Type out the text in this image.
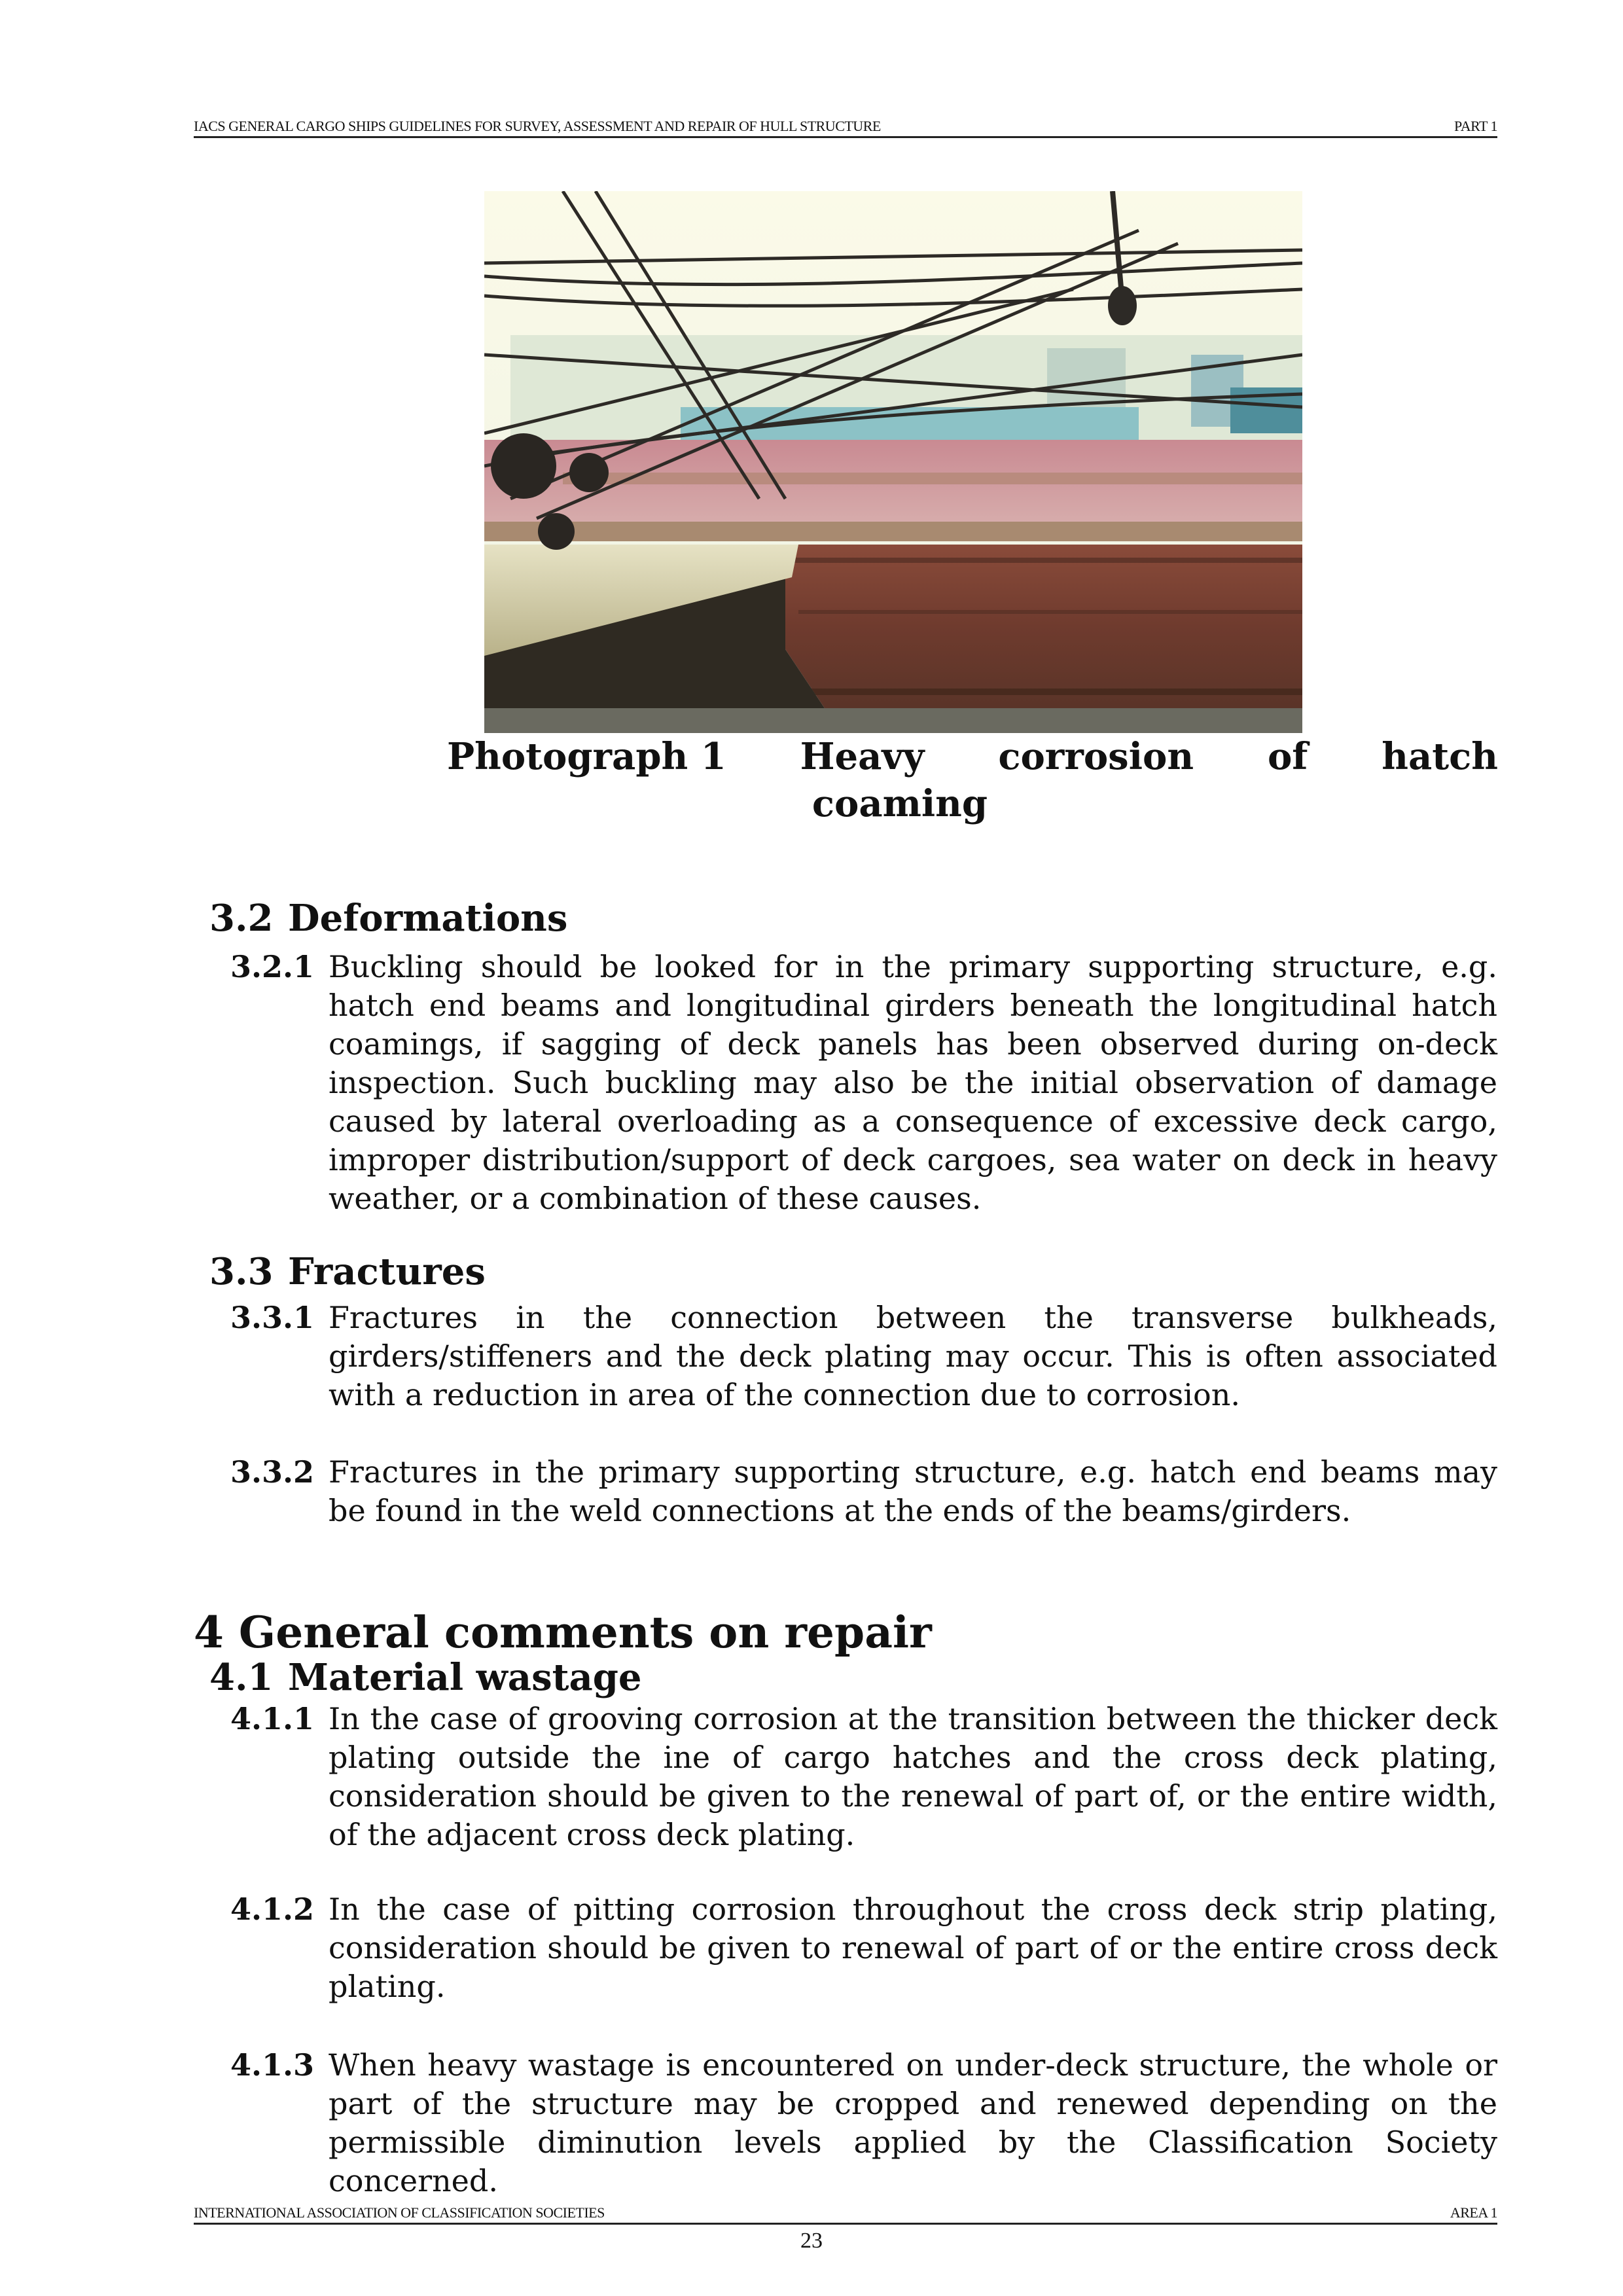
IACS GENERAL CARGO SHIPS GUIDELINES FOR SURVEY, ASSESSMENT AND REPAIR OF HULL STRUCTURE	PART 1
Photograph 1 Heavy corrosion of hatch
coaming
3.2 Deformations
3.2.1 Buckling should be looked for in the primary supporting structure, e.g. hatch end beams and longitudinal girders beneath the longitudinal hatch coamings, if sagging of deck panels has been observed during on-deck inspection. Such buckling may also be the initial observation of damage caused by lateral overloading as a consequence of excessive deck cargo, improper distribution/support of deck cargoes, sea water on deck in heavy weather, or a combination of these causes.
3.3 Fractures
3.3.1 Fractures in the connection between the transverse bulkheads, girders/stiffeners and the deck plating may occur. This is often associated with a reduction in area of the connection due to corrosion.
3.3.2 Fractures in the primary supporting structure, e.g. hatch end beams may be found in the weld connections at the ends of the beams/girders.
4 General comments on repair
4.1 Material wastage
4.1.1 In the case of grooving corrosion at the transition between the thicker deck plating outside the ine of cargo hatches and the cross deck plating, consideration should be given to the renewal of part of, or the entire width, of the adjacent cross deck plating.
4.1.2 In the case of pitting corrosion throughout the cross deck strip plating, consideration should be given to renewal of part of or the entire cross deck plating.
4.1.3 When heavy wastage is encountered on under-deck structure, the whole or part of the structure may be cropped and renewed depending on the permissible diminution levels applied by the Classification Society concerned.
INTERNATIONAL ASSOCIATION OF CLASSIFICATION SOCIETIES	AREA 1
23
